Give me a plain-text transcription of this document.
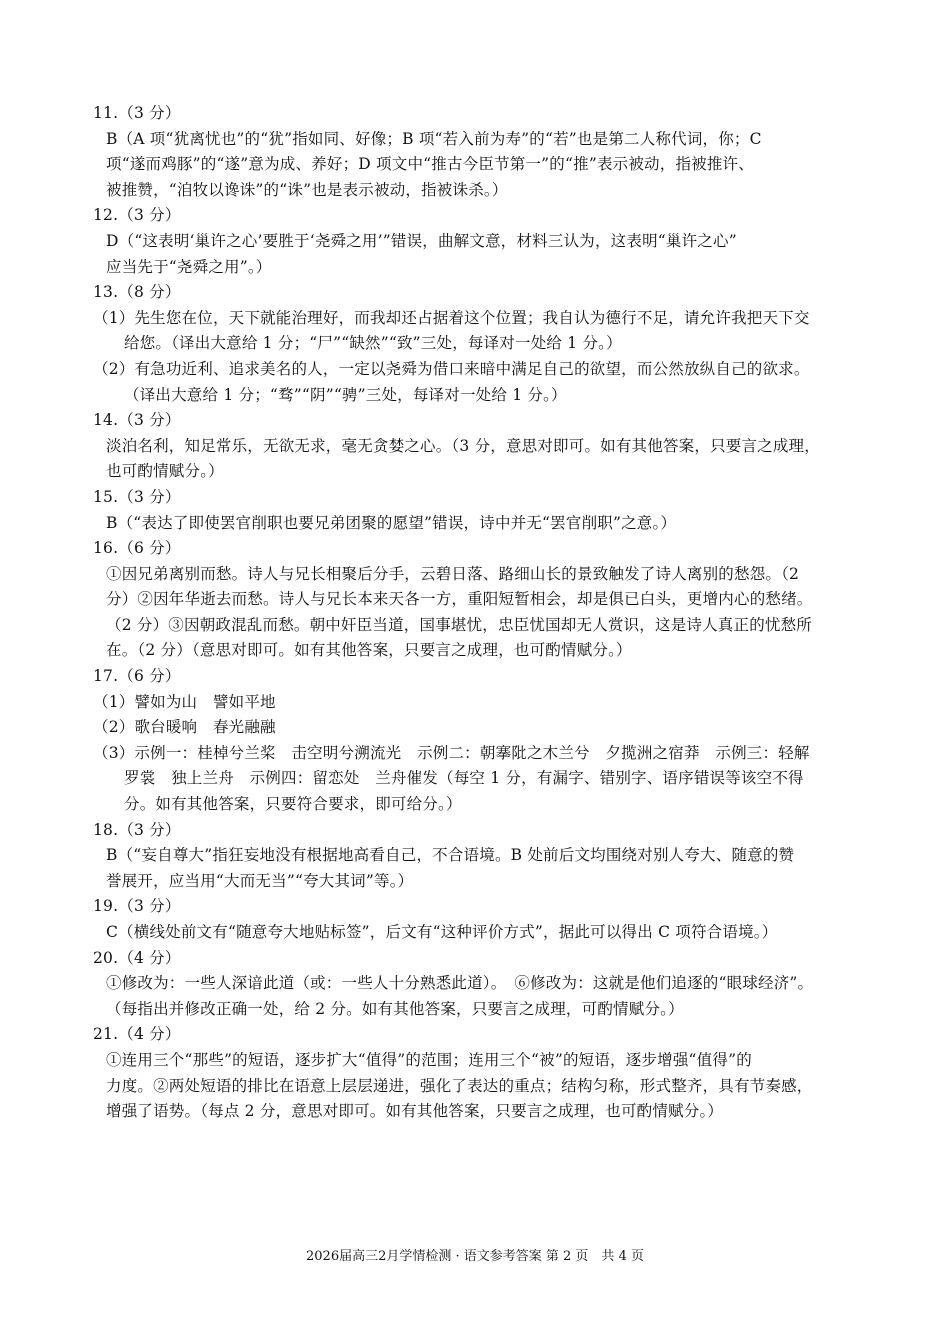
11.（3 分）
B（A 项“犹离忧也”的“犹”指如同、好像；B 项“若入前为寿”的“若”也是第二人称代词，你；C
项“遂而鸡豚”的“遂”意为成、养好；D 项文中“推古今臣节第一”的“推”表示被动，指被推许、
被推赞，“洎牧以谗诛”的“诛”也是表示被动，指被诛杀。）
12.（3 分）
D（“这表明‘巢许之心’要胜于‘尧舜之用’”错误，曲解文意，材料三认为，这表明“巢许之心”
应当先于“尧舜之用”。）
13.（8 分）
（1）先生您在位，天下就能治理好，而我却还占据着这个位置；我自认为德行不足，请允许我把天下交
给您。（译出大意给 1 分；“尸”“缺然”“致”三处，每译对一处给 1 分。）
（2）有急功近利、追求美名的人，一定以尧舜为借口来暗中满足自己的欲望，而公然放纵自己的欲求。
（译出大意给 1 分；“骛”“阴”“骋”三处，每译对一处给 1 分。）
14.（3 分）
淡泊名利，知足常乐，无欲无求，毫无贪婪之心。（3 分，意思对即可。如有其他答案，只要言之成理，
也可酌情赋分。）
15.（3 分）
B（“表达了即使罢官削职也要兄弟团聚的愿望”错误，诗中并无“罢官削职”之意。）
16.（6 分）
①因兄弟离别而愁。诗人与兄长相聚后分手，云碧日落、路细山长的景致触发了诗人离别的愁怨。（2
分）②因年华逝去而愁。诗人与兄长本来天各一方，重阳短暂相会，却是俱已白头，更增内心的愁绪。
（2 分）③因朝政混乱而愁。朝中奸臣当道，国事堪忧，忠臣忧国却无人赏识，这是诗人真正的忧愁所
在。（2 分）（意思对即可。如有其他答案，只要言之成理，也可酌情赋分。）
17.（6 分）
（1）譬如为山　譬如平地
（2）歌台暖响　春光融融
（3）示例一：桂棹兮兰桨　击空明兮溯流光　示例二：朝搴阰之木兰兮　夕揽洲之宿莽　示例三：轻解
罗裳　独上兰舟　示例四：留恋处　兰舟催发（每空 1 分，有漏字、错别字、语序错误等该空不得
分。如有其他答案，只要符合要求，即可给分。）
18.（3 分）
B（“妄自尊大”指狂妄地没有根据地高看自己，不合语境。B 处前后文均围绕对别人夸大、随意的赞
誉展开，应当用“大而无当”“夸大其词”等。）
19.（3 分）
C（横线处前文有“随意夸大地贴标签”，后文有“这种评价方式”，据此可以得出 C 项符合语境。）
20.（4 分）
①修改为：一些人深谙此道（或：一些人十分熟悉此道）。　⑥修改为：这就是他们追逐的“眼球经济”。
（每指出并修改正确一处，给 2 分。如有其他答案，只要言之成理，可酌情赋分。）
21.（4 分）
①连用三个“那些”的短语，逐步扩大“值得”的范围；连用三个“被”的短语，逐步增强“值得”的
力度。②两处短语的排比在语意上层层递进，强化了表达的重点；结构匀称，形式整齐，具有节奏感，
增强了语势。（每点 2 分，意思对即可。如有其他答案，只要言之成理，也可酌情赋分。）
2026届高三2月学情检测 · 语文参考答案 第 2 页　共 4 页
